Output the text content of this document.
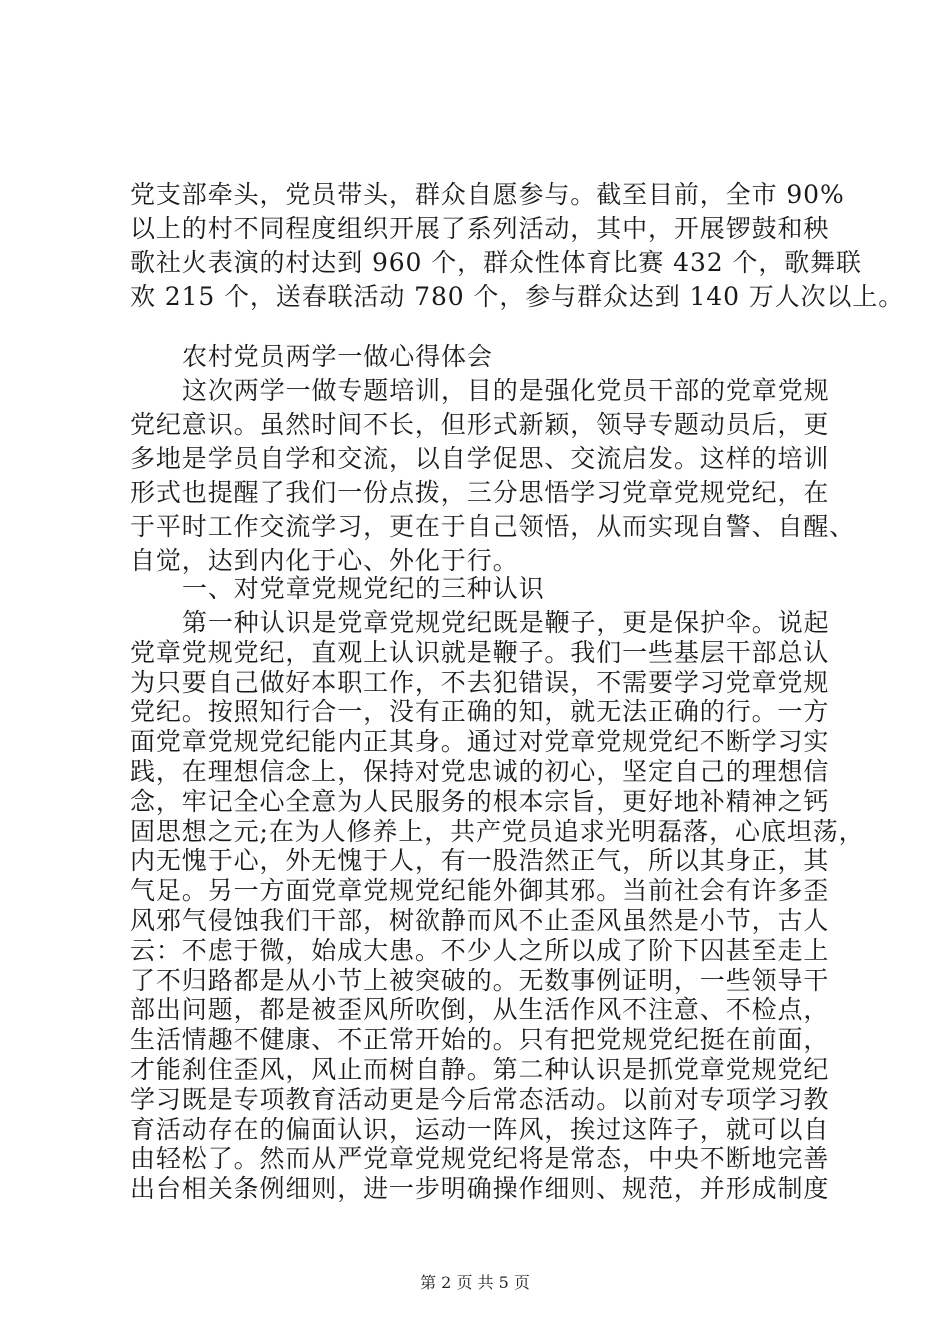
党支部牵头，党员带头，群众自愿参与。截至目前，全市 90%
以上的村不同程度组织开展了系列活动，其中，开展锣鼓和秧
歌社火表演的村达到 960 个，群众性体育比赛 432 个，歌舞联
欢 215 个，送春联活动 780 个，参与群众达到 140 万人次以上。
农村党员两学一做心得体会
这次两学一做专题培训，目的是强化党员干部的党章党规
党纪意识。虽然时间不长，但形式新颖，领导专题动员后，更
多地是学员自学和交流，以自学促思、交流启发。这样的培训
形式也提醒了我们一份点拨，三分思悟学习党章党规党纪，在
于平时工作交流学习，更在于自己领悟，从而实现自警、自醒、
自觉，达到内化于心、外化于行。
一、对党章党规党纪的三种认识
第一种认识是党章党规党纪既是鞭子，更是保护伞。说起
党章党规党纪，直观上认识就是鞭子。我们一些基层干部总认
为只要自己做好本职工作，不去犯错误，不需要学习党章党规
党纪。按照知行合一，没有正确的知，就无法正确的行。一方
面党章党规党纪能内正其身。通过对党章党规党纪不断学习实
践，在理想信念上，保持对党忠诚的初心，坚定自己的理想信
念，牢记全心全意为人民服务的根本宗旨，更好地补精神之钙
固思想之元;在为人修养上，共产党员追求光明磊落，心底坦荡，
内无愧于心，外无愧于人，有一股浩然正气，所以其身正，其
气足。另一方面党章党规党纪能外御其邪。当前社会有许多歪
风邪气侵蚀我们干部，树欲静而风不止歪风虽然是小节，古人
云：不虑于微，始成大患。不少人之所以成了阶下囚甚至走上
了不归路都是从小节上被突破的。无数事例证明，一些领导干
部出问题，都是被歪风所吹倒，从生活作风不注意、不检点，
生活情趣不健康、不正常开始的。只有把党规党纪挺在前面，
才能刹住歪风，风止而树自静。第二种认识是抓党章党规党纪
学习既是专项教育活动更是今后常态活动。以前对专项学习教
育活动存在的偏面认识，运动一阵风，挨过这阵子，就可以自
由轻松了。然而从严党章党规党纪将是常态，中央不断地完善
出台相关条例细则，进一步明确操作细则、规范，并形成制度
第 2 页 共 5 页
